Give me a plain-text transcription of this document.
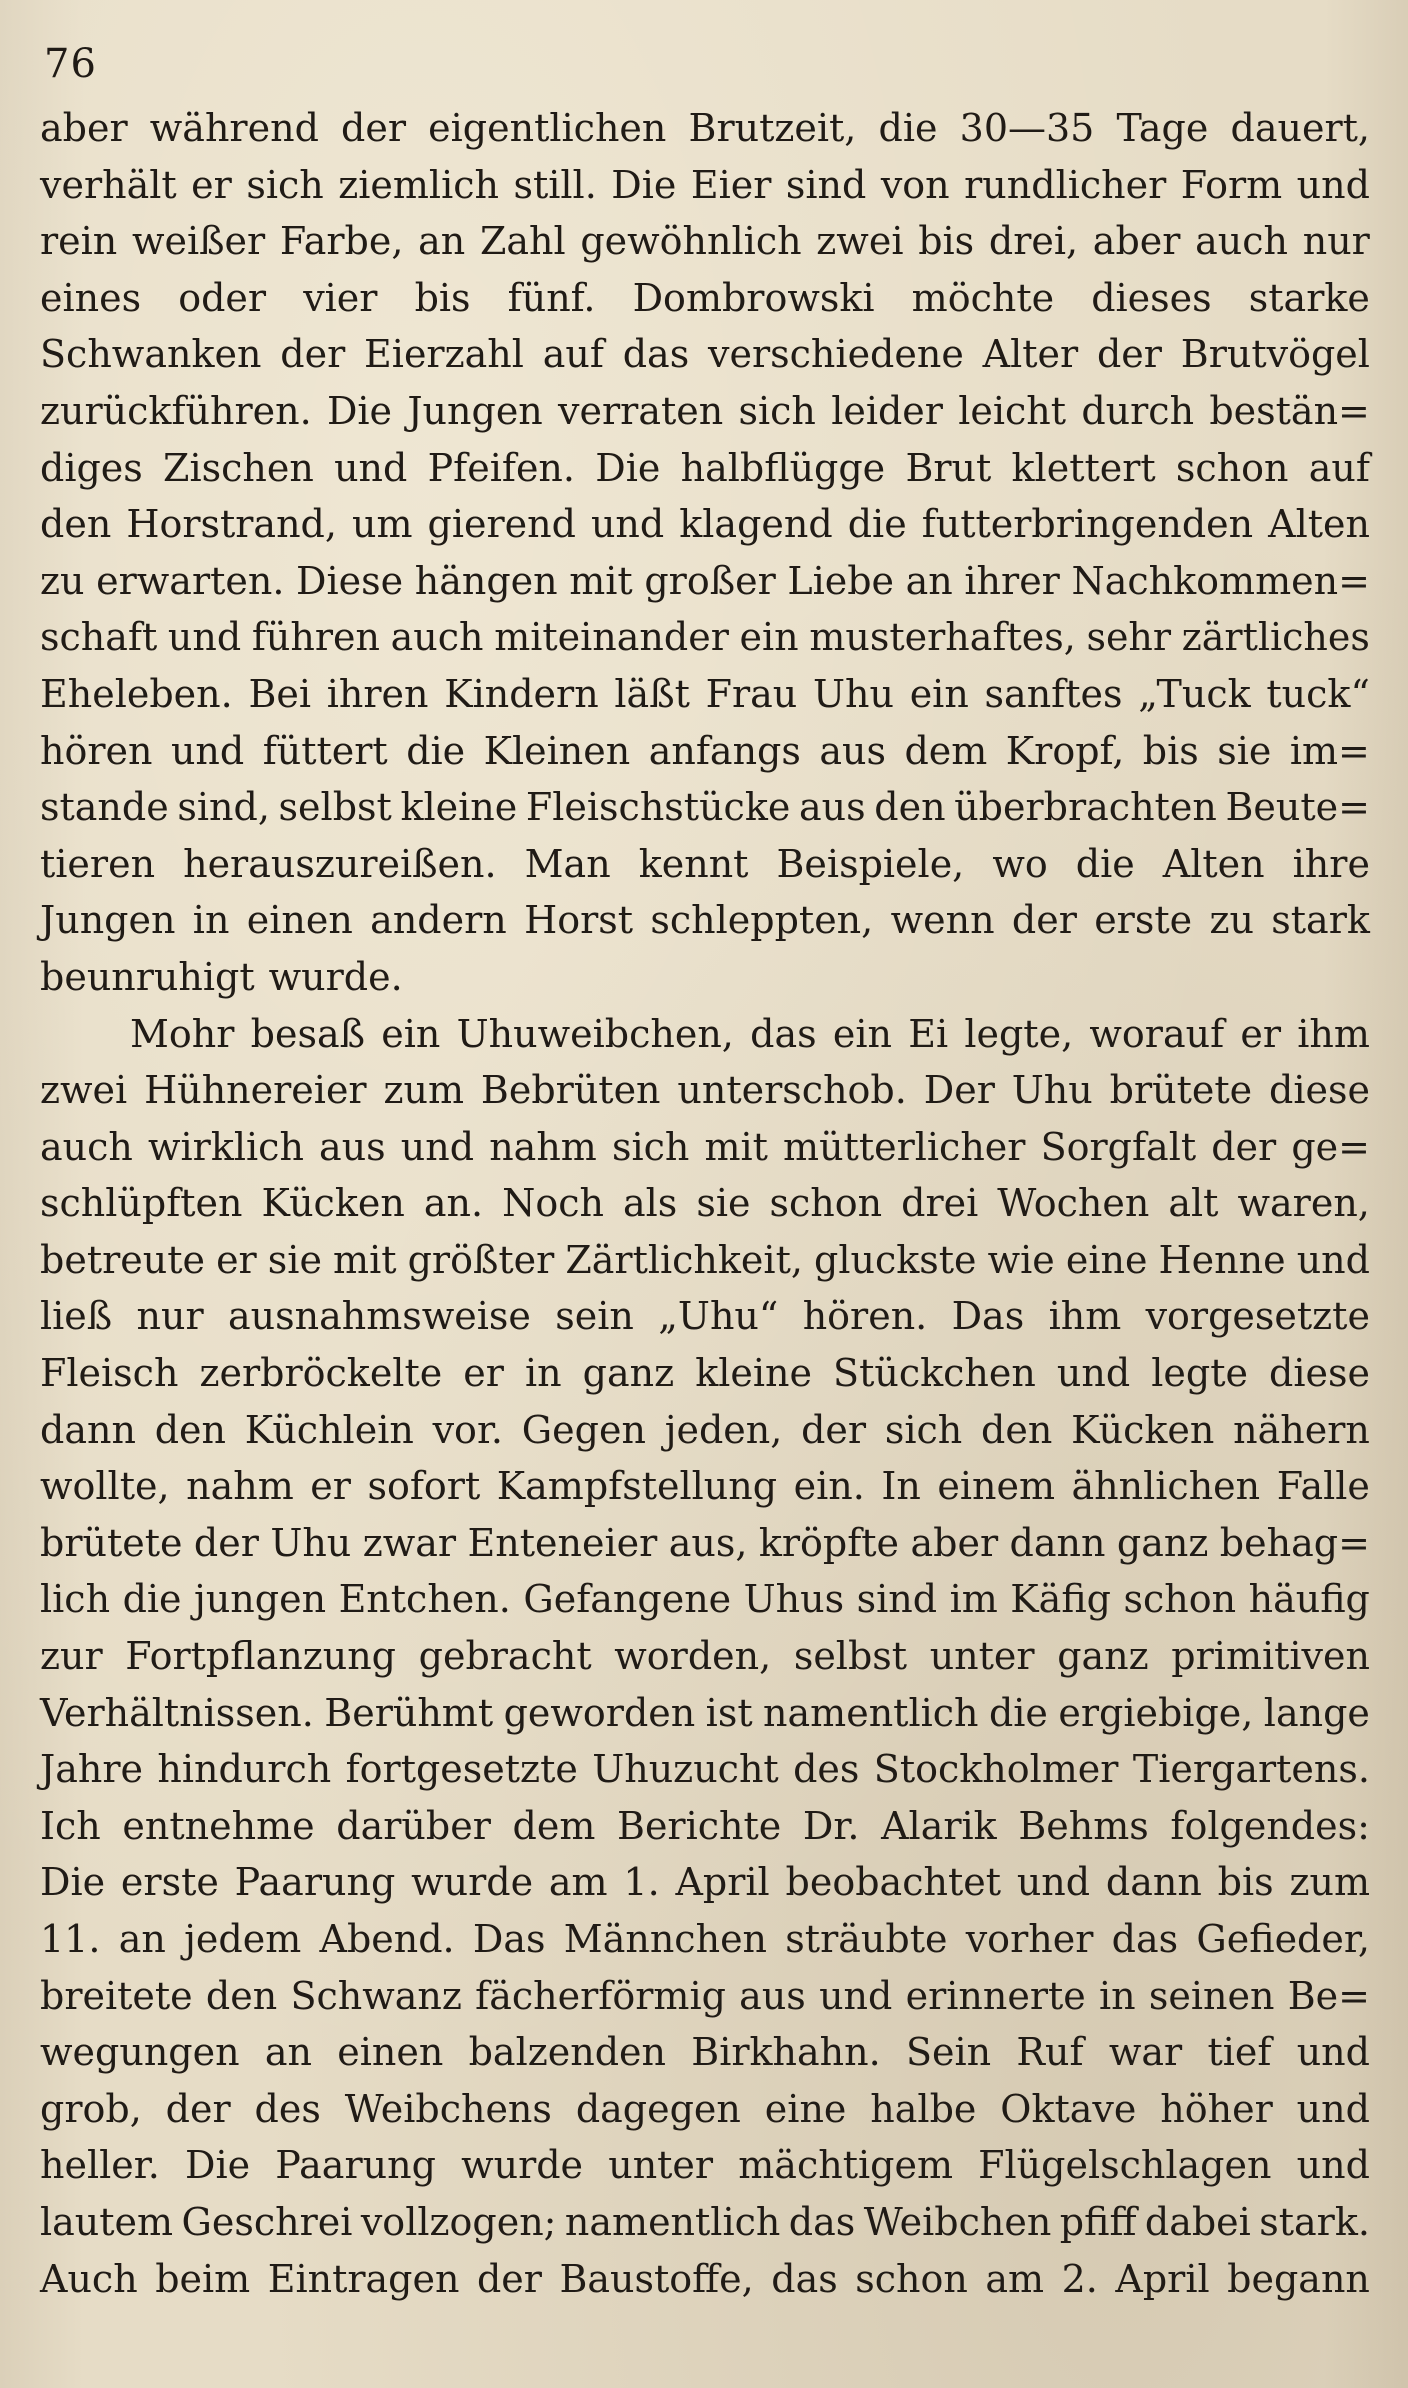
76
aber während der eigentlichen Brutzeit, die 30—35 Tage dauert,
verhält er sich ziemlich still. Die Eier sind von rundlicher Form und
rein weißer Farbe, an Zahl gewöhnlich zwei bis drei, aber auch nur
eines oder vier bis fünf. Dombrowski möchte dieses starke
Schwanken der Eierzahl auf das verschiedene Alter der Brutvögel
zurückführen. Die Jungen verraten sich leider leicht durch bestän=
diges Zischen und Pfeifen. Die halbflügge Brut klettert schon auf
den Horstrand, um gierend und klagend die futterbringenden Alten
zu erwarten. Diese hängen mit großer Liebe an ihrer Nachkommen=
schaft und führen auch miteinander ein musterhaftes, sehr zärtliches
Eheleben. Bei ihren Kindern läßt Frau Uhu ein sanftes „Tuck tuck“
hören und füttert die Kleinen anfangs aus dem Kropf, bis sie im=
stande sind, selbst kleine Fleischstücke aus den überbrachten Beute=
tieren herauszureißen. Man kennt Beispiele, wo die Alten ihre
Jungen in einen andern Horst schleppten, wenn der erste zu stark
beunruhigt wurde.
Mohr besaß ein Uhuweibchen, das ein Ei legte, worauf er ihm
zwei Hühnereier zum Bebrüten unterschob. Der Uhu brütete diese
auch wirklich aus und nahm sich mit mütterlicher Sorgfalt der ge=
schlüpften Kücken an. Noch als sie schon drei Wochen alt waren,
betreute er sie mit größter Zärtlichkeit, gluckste wie eine Henne und
ließ nur ausnahmsweise sein „Uhu“ hören. Das ihm vorgesetzte
Fleisch zerbröckelte er in ganz kleine Stückchen und legte diese
dann den Küchlein vor. Gegen jeden, der sich den Kücken nähern
wollte, nahm er sofort Kampfstellung ein. In einem ähnlichen Falle
brütete der Uhu zwar Enteneier aus, kröpfte aber dann ganz behag=
lich die jungen Entchen. Gefangene Uhus sind im Käfig schon häufig
zur Fortpflanzung gebracht worden, selbst unter ganz primitiven
Verhältnissen. Berühmt geworden ist namentlich die ergiebige, lange
Jahre hindurch fortgesetzte Uhuzucht des Stockholmer Tiergartens.
Ich entnehme darüber dem Berichte Dr. Alarik Behms folgendes:
Die erste Paarung wurde am 1. April beobachtet und dann bis zum
11. an jedem Abend. Das Männchen sträubte vorher das Gefieder,
breitete den Schwanz fächerförmig aus und erinnerte in seinen Be=
wegungen an einen balzenden Birkhahn. Sein Ruf war tief und
grob, der des Weibchens dagegen eine halbe Oktave höher und
heller. Die Paarung wurde unter mächtigem Flügelschlagen und
lautem Geschrei vollzogen; namentlich das Weibchen pfiff dabei stark.
Auch beim Eintragen der Baustoffe, das schon am 2. April begann
